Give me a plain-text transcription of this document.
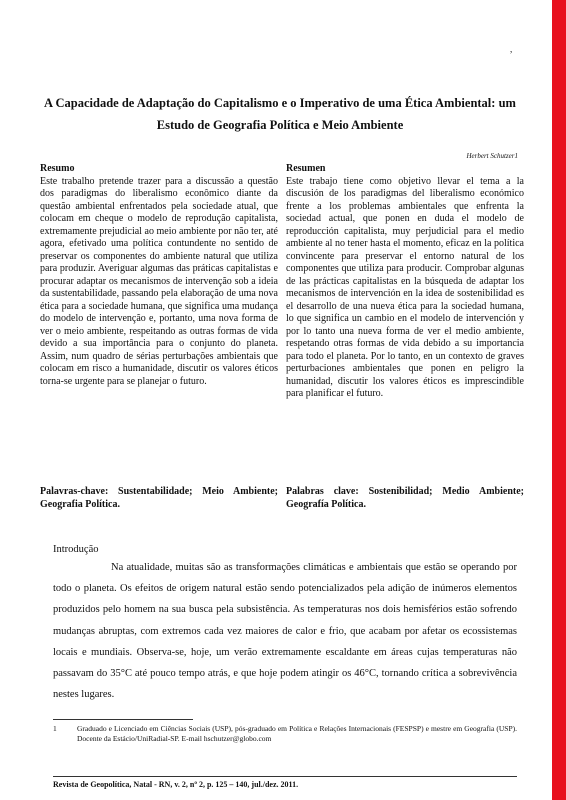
,
A Capacidade de Adaptação do Capitalismo e o Imperativo de uma Ética Ambiental: um Estudo de Geografia Política e Meio Ambiente
Herbert Schutzer1
Resumo

Este trabalho pretende trazer para a discussão a questão dos paradigmas do liberalismo econômico diante da questão ambiental enfrentados pela sociedade atual, que colocam em cheque o modelo de reprodução capitalista, extremamente prejudicial ao meio ambiente por não ter, até agora, efetivado uma política contundente no sentido de preservar os componentes do ambiente natural que utiliza para produzir. Averiguar algumas das práticas capitalistas e procurar adaptar os mecanismos de intervenção sob a ideia da sustentabilidade, passando pela elaboração de uma nova ética para a sociedade humana, que significa uma mudança do modelo de intervenção e, portanto, uma nova forma de ver o meio ambiente, respeitando as outras formas de vida devido a sua importância para o conjunto do planeta. Assim, num quadro de sérias perturbações ambientais que colocam em risco a humanidade, discutir os valores éticos torna-se urgente para se planejar o futuro.

Resumen

Este trabajo tiene como objetivo llevar el tema a la discusión de los paradigmas del liberalismo económico frente a los problemas ambientales que enfrenta la sociedad actual, que ponen en duda el modelo de reproducción capitalista, muy perjudicial para el medio ambiente al no tener hasta el momento, eficaz en la política convincente para preservar el entorno natural de los componentes que utiliza para producir. Comprobar algunas de las prácticas capitalistas en la búsqueda de adaptar los mecanismos de intervención en la idea de sostenibilidad es el desarrollo de una nueva ética para la sociedad humana, lo que significa un cambio en el modelo de intervención y por lo tanto una nueva forma de ver el medio ambiente, respetando otras formas de vida debido a su importancia para todo el planeta. Por lo tanto, en un contexto de graves perturbaciones ambientales que ponen en peligro la humanidad, discutir los valores éticos es imprescindible para planificar el futuro.

Palavras-chave: Sustentabilidade; Meio Ambiente; Geografia Política.
Palabras clave: Sostenibilidad; Medio Ambiente; Geografía Política.
Introdução

Na atualidade, muitas são as transformações climáticas e ambientais que estão se operando por todo o planeta. Os efeitos de origem natural estão sendo potencializados pela adição de inúmeros elementos produzidos pelo homem na sua busca pela subsistência. As temperaturas nos dois hemisférios estão sofrendo mudanças abruptas, com extremos cada vez maiores de calor e frio, que acabam por afetar os ecossistemas locais e mundiais. Observa-se, hoje, um verão extremamente escaldante em áreas cujas temperaturas não passavam do 35°C até pouco tempo atrás, e que hoje podem atingir os 46°C, tornando crítica a sobrevivência nestes lugares.

1	Graduado e Licenciado em Ciências Sociais (USP), pós-graduado em Política e Relações Internacionais (FESPSP) e mestre em Geografia (USP). Docente da Estácio/UniRadial-SP. E-mail hschutzer@globo.com
Revista de Geopolítica, Natal - RN, v. 2, nº 2, p. 125 – 140, jul./dez. 2011.
